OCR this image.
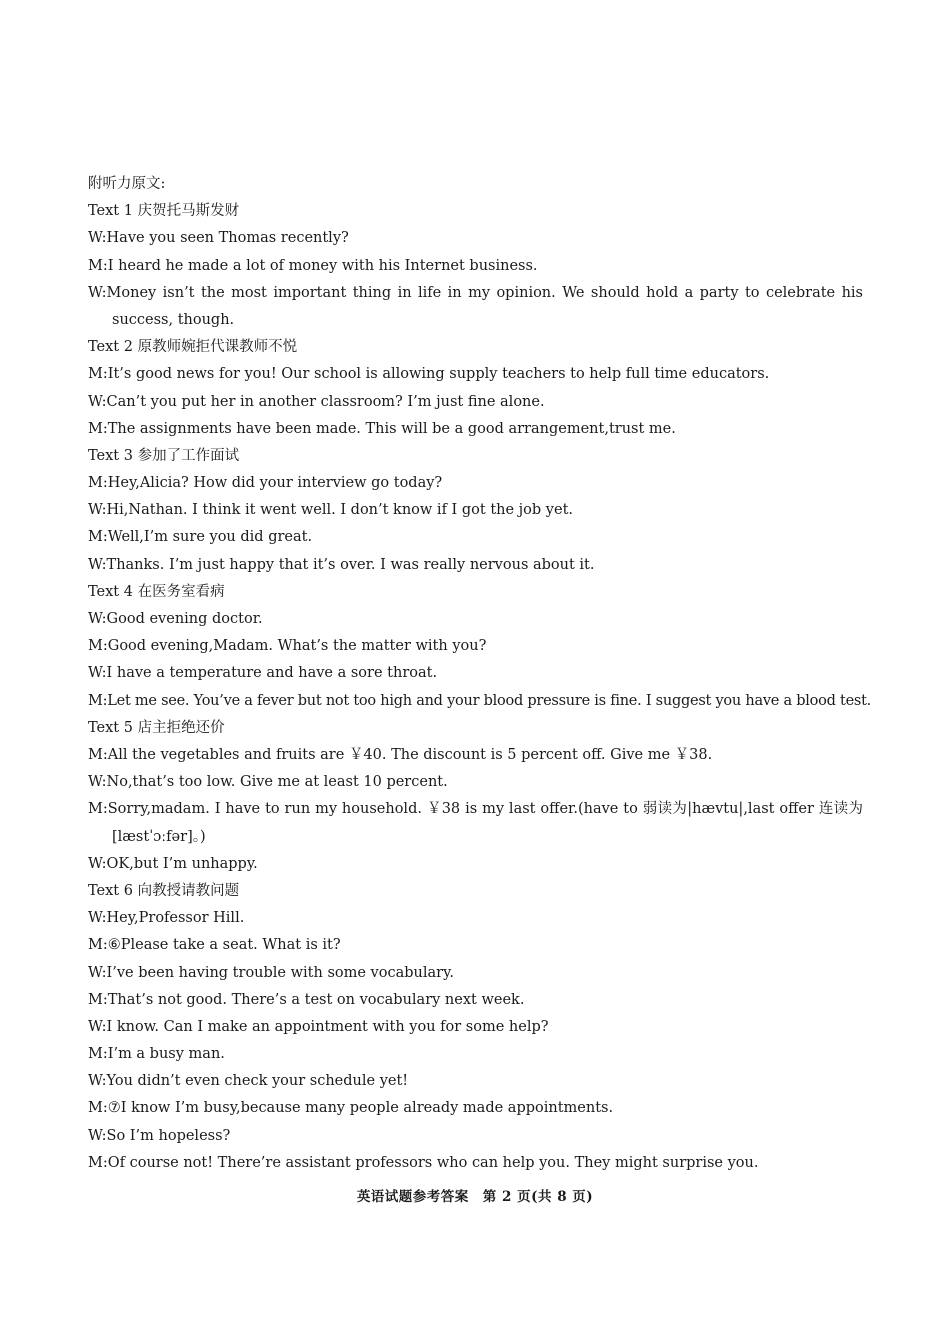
附听力原文:
Text 1 庆贺托马斯发财
W:Have you seen Thomas recently?
M:I heard he made a lot of money with his Internet business.
W:Money isn’t the most important thing in life in my opinion. We should hold a party to celebrate his success, though.
Text 2 原教师婉拒代课教师不悦
M:It’s good news for you! Our school is allowing supply teachers to help full time educators.
W:Can’t you put her in another classroom? I’m just fine alone.
M:The assignments have been made. This will be a good arrangement,trust me.
Text 3 参加了工作面试
M:Hey,Alicia? How did your interview go today?
W:Hi,Nathan. I think it went well. I don’t know if I got the job yet.
M:Well,I’m sure you did great.
W:Thanks. I’m just happy that it’s over. I was really nervous about it.
Text 4 在医务室看病
W:Good evening doctor.
M:Good evening,Madam. What’s the matter with you?
W:I have a temperature and have a sore throat.
M:Let me see. You’ve a fever but not too high and your blood pressure is fine. I suggest you have a blood test.
Text 5 店主拒绝还价
M:All the vegetables and fruits are ￥40. The discount is 5 percent off. Give me ￥38.
W:No,that’s too low. Give me at least 10 percent.
M:Sorry,madam. I have to run my household. ￥38 is my last offer.(have to 弱读为|hævtu|,last offer 连读为[læstˈɔːfər]。)
W:OK,but I’m unhappy.
Text 6 向教授请教问题
W:Hey,Professor Hill.
M:⑥Please take a seat. What is it?
W:I’ve been having trouble with some vocabulary.
M:That’s not good. There’s a test on vocabulary next week.
W:I know. Can I make an appointment with you for some help?
M:I’m a busy man.
W:You didn’t even check your schedule yet!
M:⑦I know I’m busy,because many people already made appointments.
W:So I’m hopeless?
M:Of course not! There’re assistant professors who can help you. They might surprise you.
英语试题参考答案　第 2 页(共 8 页)
